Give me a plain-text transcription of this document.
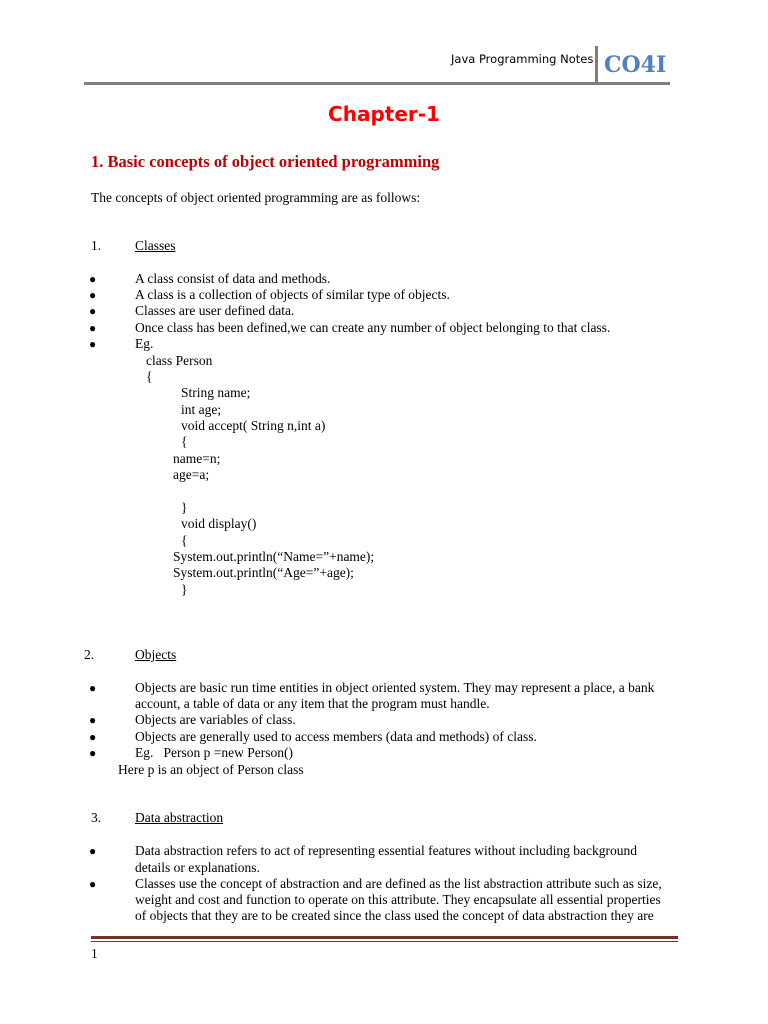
Java Programming Notes CO4I
Chapter-1
1. Basic concepts of object oriented programming
The concepts of object oriented programming are as follows:
1.	Classes
●	A class consist of data and methods.
●	A class is a collection of objects of similar type of objects.
●	Classes are user defined data.
●	Once class has been defined,we can create any number of object belonging to that class.
●	Eg.
class Person
{
String name;
int age;
void accept( String n,int a)
{
name=n;
age=a;
}
void display()
{
System.out.println(“Name=”+name);
System.out.println(“Age=”+age);
}
2.	Objects
●	Objects are basic run time entities in object oriented system. They may represent a place, a bank
account, a table of data or any item that the program must handle.
●	Objects are variables of class.
●	Objects are generally used to access members (data and methods) of class.
●	Eg.   Person p =new Person()
Here p is an object of Person class
3.	Data abstraction
●	Data abstraction refers to act of representing essential features without including background
details or explanations.
●	Classes use the concept of abstraction and are defined as the list abstraction attribute such as size,
weight and cost and function to operate on this attribute. They encapsulate all essential properties
of objects that they are to be created since the class used the concept of data abstraction they are
1
